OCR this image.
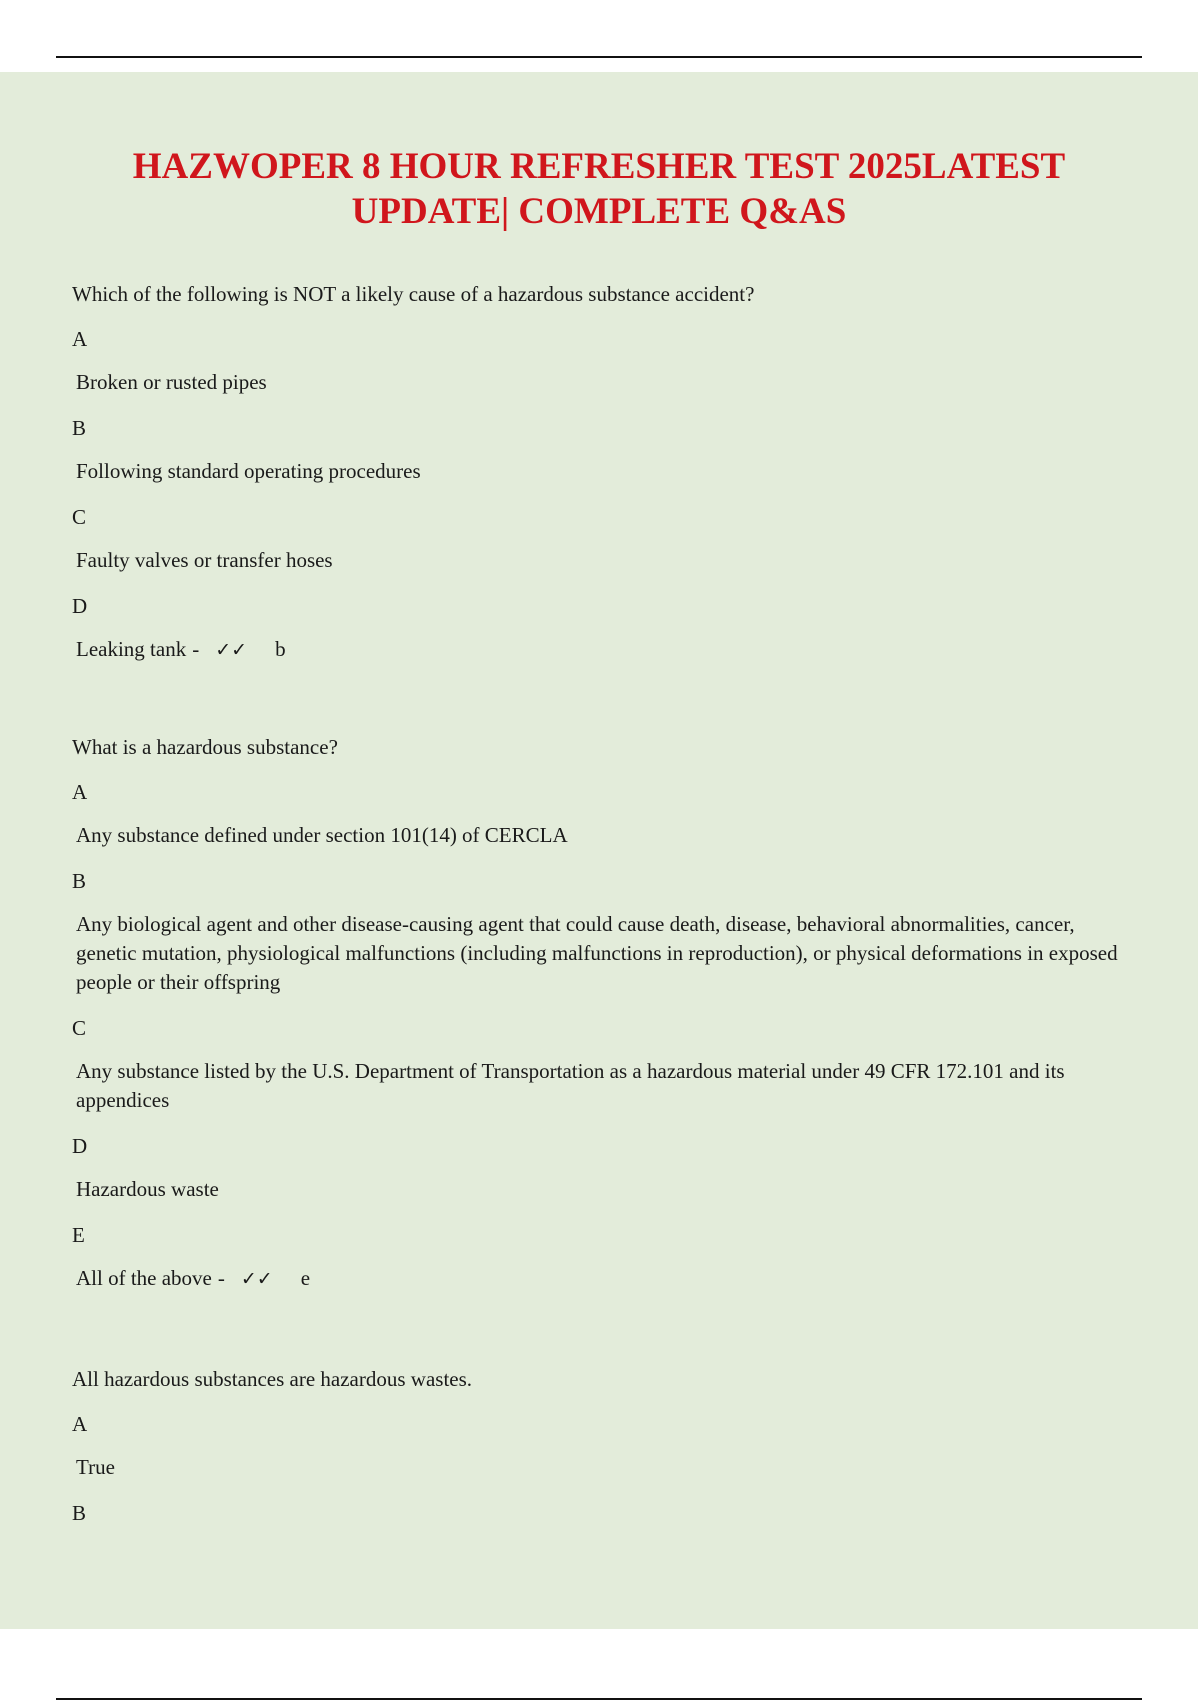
HAZWOPER 8 HOUR REFRESHER TEST 2025LATEST UPDATE| COMPLETE Q&AS

Which of the following is NOT a likely cause of a hazardous substance accident?

A
Broken or rusted pipes
B
Following standard operating procedures
C
Faulty valves or transfer hoses
D
Leaking tank - ✓✓ b

What is a hazardous substance?

A
Any substance defined under section 101(14) of CERCLA
B
Any biological agent and other disease-causing agent that could cause death, disease, behavioral abnormalities, cancer, genetic mutation, physiological malfunctions (including malfunctions in reproduction), or physical deformations in exposed people or their offspring
C
Any substance listed by the U.S. Department of Transportation as a hazardous material under 49 CFR 172.101 and its appendices
D
Hazardous waste
E
All of the above - ✓✓ e

All hazardous substances are hazardous wastes.

A
True
B
